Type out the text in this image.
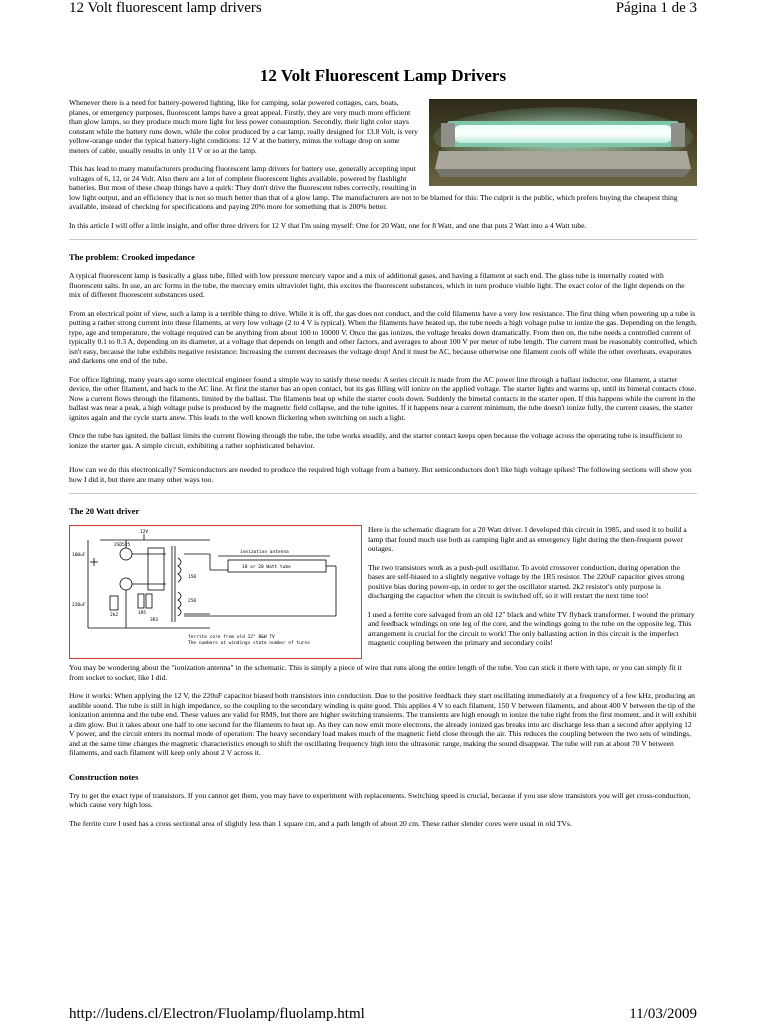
12 Volt fluorescent lamp drivers	Página 1 de 3
12 Volt Fluorescent Lamp Drivers

Whenever there is a need for battery-powered lighting, like for camping, solar powered cottages, cars, boats, planes, or emergency purposes, fluorescent lamps have a great appeal. Firstly, they are very much more efficient than glow lamps, so they produce much more light for less power consumption. Secondly, their light color stays constant while the battery runs down, while the color produced by a car lamp, really designed for 13.8 Volt, is very yellow-orange under the typical battery-light conditions: 12 V at the battery, minus the voltage drop on some meters of cable, usually results in only 11 V or so at the lamp.

This has lead to many manufacturers producing fluorescent lamp drivers for battery use, generally accepting input voltages of 6, 12, or 24 Volt. Also there are a lot of complete fluorescent lights available, powered by flashlight batteries. But most of these cheap things have a quirk: They don't drive the fluorescent tubes correctly, resulting in low light output, and an efficiency that is not so much better than that of a glow lamp. The manufacturers are not to be blamed for this: The culprit is the public, which prefers buying the cheapest thing available, instead of checking for specifications and paying 20% more for something that is 200% better.

In this article I will offer a little insight, and offer three drivers for 12 V that I'm using myself: One for 20 Watt, one for 8 Watt, and one that puts 2 Watt into a 4 Watt tube.

The problem: Crooked impedance

A typical fluorescent lamp is basically a glass tube, filled with low pressure mercury vapor and a mix of additional gases, and having a filament at each end. The glass tube is internally coated with fluorescent salts. In use, an arc forms in the tube, the mercury emits ultraviolet light, this excites the fluorescent substances, which in turn produce visible light. The exact color of the light depends on the mix of different fluorescent substances used.

From an electrical point of view, such a lamp is a terrible thing to drive. While it is off, the gas does not conduct, and the cold filaments have a very low resistance. The first thing when powering up a tube is putting a rather strong current into these filaments, at very low voltage (2 to 4 V is typical). When the filaments have heated up, the tube needs a high voltage pulse to ionize the gas. Depending on the length, type, age and temperature, the voltage required can be anything from about 100 to 10000 V. Once the gas ionizes, the voltage breaks down dramatically. From then on, the tube needs a controlled current of typically 0.1 to 0.3 A, depending on its diameter, at a voltage that depends on length and other factors, and averages to about 100 V per meter of tube length. The current must be reasonably controlled, which isn't easy, because the tube exhibits negative resistance: Increasing the current decreases the voltage drop! And it must be AC, because otherwise one filament cools off while the other overheats, evaporates and darkens one end of the tube.

For office lighting, many years ago some electrical engineer found a simple way to satisfy these needs: A series circuit is made from the AC power line through a ballast inductor, one filament, a starter device, the other filament, and back to the AC line. At first the starter has an open contact, but its gas filling will ionize on the applied voltage. The starter lights and warms up, until its bimetal contacts close. Now a current flows through the filaments, limited by the ballast. The filaments heat up while the starter cools down. Suddenly the bimetal contacts in the starter open. If this happens while the current in the ballast was near a peak, a high voltage pulse is produced by the magnetic field collapse, and the tube ignites. If it happens near a current minimum, the tube doesn't ionize fully, the current ceases, the starter ignites again and the cycle starts anew. This leads to the well known flickering when switching on such a light.

Once the tube has ignited, the ballast limits the current flowing through the tube, the tube works steadily, and the starter contact keeps open because the voltage across the operating tube is insufficient to ionize the starter gas. A simple circuit, exhibiting a rather sophisticated behavior.

How can we do this electronically? Semiconductors are needed to produce the required high voltage from a battery. But semiconductors don't like high voltage spikes! The following sections will show you how I did it, but there are many other ways too.

The 20 Watt driver
12V
2SD525
100uF
ionization antenna
18 or 20 Watt tube
220uF
2k2	1R5
3R3
150
250
ferrite core from old 12" B&W TV
The numbers at windings state number of turns

Here is the schematic diagram for a 20 Watt driver. I developed this circuit in 1985, and used it to build a lamp that found much use both as camping light and as emergency light during the then-frequent power outages.

The two transistors work as a push-pull oscillator. To avoid crossover conduction, during operation the bases are self-biased to a slightly negative voltage by the 1R5 resistor. The 220uF capacitor gives strong positive bias during power-up, in order to get the oscillator started. 2k2 resistor's only purpose is discharging the capacitor when the circuit is switched off, so it will restart the next time too!

I used a ferrite core salvaged from an old 12" black and white TV flyback transformer. I wound the primary and feedback windings on one leg of the core, and the windings going to the tube on the opposite leg. This arrangement is crucial for the circuit to work! The only ballasting action in this circuit is the imperfect magnetic coupling between the primary and secondary coils!

You may be wondering about the "ionization antenna" in the schematic. This is simply a piece of wire that runs along the entire length of the tube. You can stick it there with tape, or you can simply fit it from socket to socket, like I did.

How it works: When applying the 12 V, the 220uF capacitor biased both transistors into conduction. Due to the positive feedback they start oscillating immediately at a frequency of a few kHz, producing an audible sound. The tube is still in high impedance, so the coupling to the secondary winding is quite good. This applies 4 V to each filament, 150 V between filaments, and about 400 V between the tip of the ionization antenna and the tube end. These values are valid for RMS, but there are higher switching transients. The transients are high enough to ionize the tube right from the first moment, and it will exhibit a dim glow. But it takes about one half to one second for the filaments to heat up. As they can now emit more electrons, the already ionized gas breaks into arc discharge less than a second after applying 12 V power, and the circuit enters its normal mode of operation: The heavy secondary load makes much of the magnetic field close through the air. This reduces the coupling between the two sets of windings, and at the same time changes the magnetic characteristics enough to shift the oscillating frequency high into the ultrasonic range, making the sound disappear. The tube will run at about 70 V between filaments, and each filament will keep only about 2 V across it.

Construction notes

Try to get the exact type of transistors. If you cannot get them, you may have to experiment with replacements. Switching speed is crucial, because if you use slow transistors you will get cross-conduction, which cause very high loss.

The ferrite core I used has a cross sectional area of slightly less than 1 square cm, and a path length of about 20 cm. These rather slender cores were usual in old TVs.

http://ludens.cl/Electron/Fluolamp/fluolamp.html	11/03/2009
